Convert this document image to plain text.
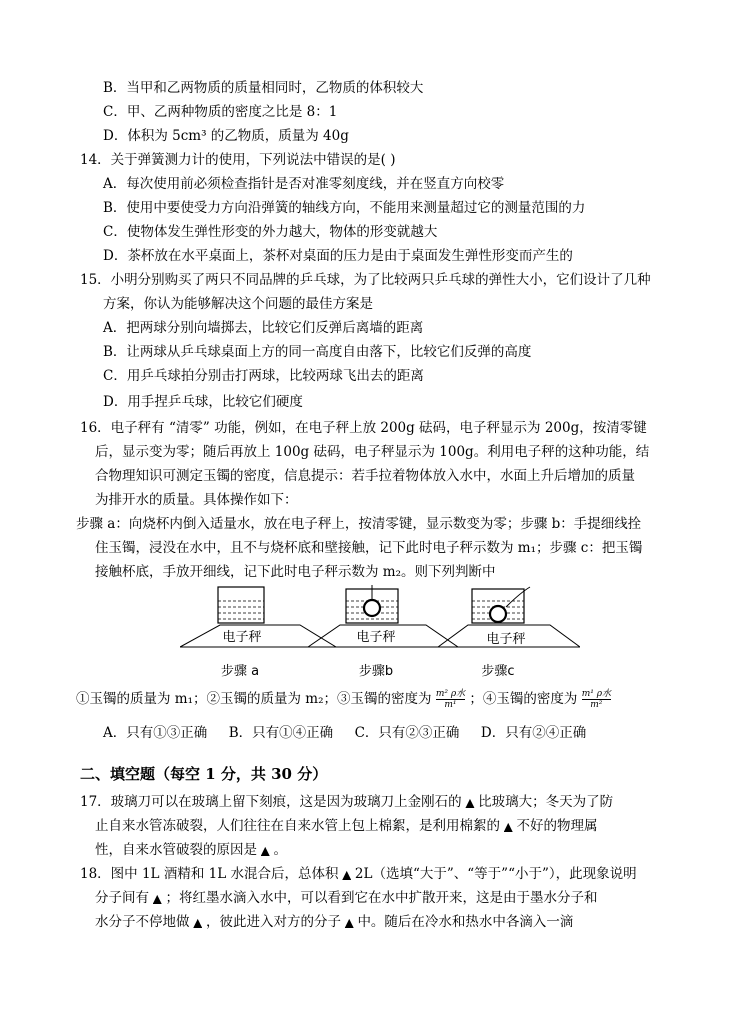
B．当甲和乙两物质的质量相同时，乙物质的体积较大
C．甲、乙两种物质的密度之比是 8：1
D．体积为 5cm³ 的乙物质，质量为 40g
14．关于弹簧测力计的使用，下列说法中错误的是( )
A．每次使用前必须检查指针是否对准零刻度线，并在竖直方向校零
B．使用中要使受力方向沿弹簧的轴线方向，不能用来测量超过它的测量范围的力
C．使物体发生弹性形变的外力越大，物体的形变就越大
D．茶杯放在水平桌面上，茶杯对桌面的压力是由于桌面发生弹性形变而产生的
15．小明分别购买了两只不同品牌的乒乓球，为了比较两只乒乓球的弹性大小，它们设计了几种
方案，你认为能够解决这个问题的最佳方案是
A．把两球分别向墙掷去，比较它们反弹后离墙的距离
B．让两球从乒乓球桌面上方的同一高度自由落下，比较它们反弹的高度
C．用乒乓球拍分别击打两球，比较两球飞出去的距离
D．用手捏乒乓球，比较它们硬度
16．电子秤有 “清零” 功能，例如，在电子秤上放 200g 砝码，电子秤显示为 200g，按清零键
后，显示变为零；随后再放上 100g 砝码，电子秤显示为 100g。利用电子秤的这种功能，结
合物理知识可测定玉镯的密度，信息提示：若手拉着物体放入水中，水面上升后增加的质量
为排开水的质量。具体操作如下：
步骤 a：向烧杯内倒入适量水，放在电子秤上，按清零键，显示数变为零；步骤 b：手提细线拴
住玉镯，浸没在水中，且不与烧杯底和壁接触，记下此时电子秤示数为 m₁；步骤 c：把玉镯
接触杯底，手放开细线，记下此时电子秤示数为 m₂。则下列判断中
电子秤
步骤 a
电子秤
步骤b
电子秤
步骤c
①玉镯的质量为 m₁；②玉镯的质量为 m₂；③玉镯的密度为 $\frac{\text{m² ρ水}}{\text{m¹}}$ ；④玉镯的密度为 $\frac{\text{m¹ ρ水}}{\text{m²}}$
A．只有①③正确     B．只有①④正确     C．只有②③正确     D．只有②④正确
二、填空题（每空 1 分，共 30 分）
17．玻璃刀可以在玻璃上留下刻痕，这是因为玻璃刀上金刚石的 ▲ 比玻璃大；冬天为了防
止自来水管冻破裂，人们往往在自来水管上包上棉絮，是利用棉絮的 ▲ 不好的物理属
性，自来水管破裂的原因是 ▲ 。
18．图中 1L 酒精和 1L 水混合后，总体积 ▲ 2L（选填“大于”、“等于”“小于”），此现象说明
分子间有 ▲ ；将红墨水滴入水中，可以看到它在水中扩散开来，这是由于墨水分子和
水分子不停地做 ▲ ，彼此进入对方的分子 ▲ 中。随后在冷水和热水中各滴入一滴
